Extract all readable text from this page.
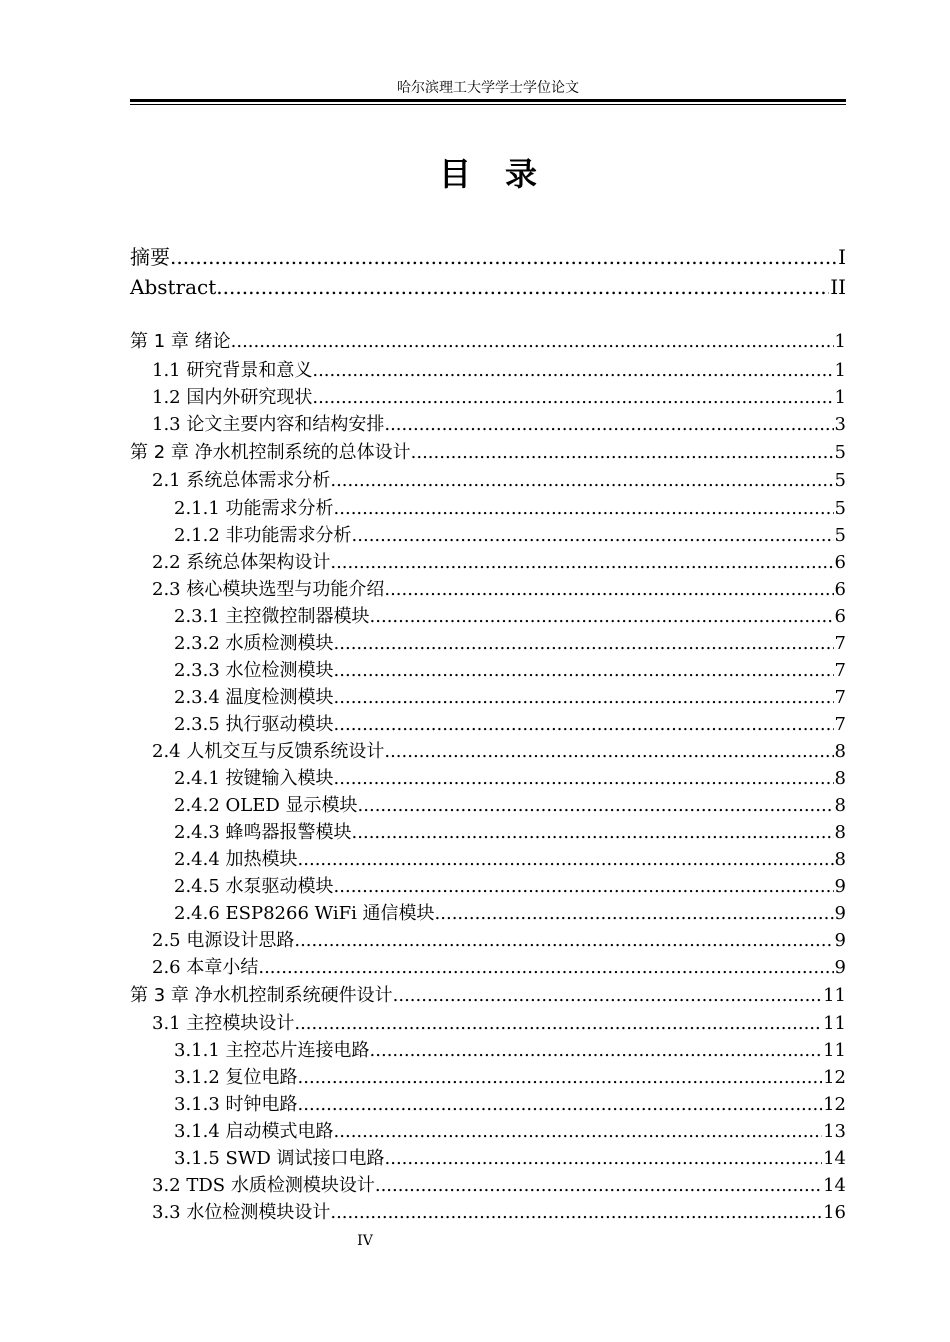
哈尔滨理工大学学士学位论文
目录
摘要 .....	I
Abstract .....	II
第 1 章 绪论 .....	1
1.1 研究背景和意义 .....	1
1.2 国内外研究现状 .....	1
1.3 论文主要内容和结构安排 .....	3
第 2 章 净水机控制系统的总体设计 .....	5
2.1 系统总体需求分析 .....	5
2.1.1 功能需求分析 .....	5
2.1.2 非功能需求分析 .....	5
2.2 系统总体架构设计 .....	6
2.3 核心模块选型与功能介绍 .....	6
2.3.1 主控微控制器模块 .....	6
2.3.2 水质检测模块 .....	7
2.3.3 水位检测模块 .....	7
2.3.4 温度检测模块 .....	7
2.3.5 执行驱动模块 .....	7
2.4 人机交互与反馈系统设计 .....	8
2.4.1 按键输入模块 .....	8
2.4.2 OLED 显示模块 .....	8
2.4.3 蜂鸣器报警模块 .....	8
2.4.4 加热模块 .....	8
2.4.5 水泵驱动模块 .....	9
2.4.6 ESP8266 WiFi 通信模块 .....	9
2.5 电源设计思路 .....	9
2.6 本章小结 .....	9
第 3 章 净水机控制系统硬件设计 .....	11
3.1 主控模块设计 .....	11
3.1.1 主控芯片连接电路 .....	11
3.1.2 复位电路 .....	12
3.1.3 时钟电路 .....	12
3.1.4 启动模式电路 .....	13
3.1.5 SWD 调试接口电路 .....	14
3.2 TDS 水质检测模块设计 .....	14
3.3 水位检测模块设计 .....	16
IV
